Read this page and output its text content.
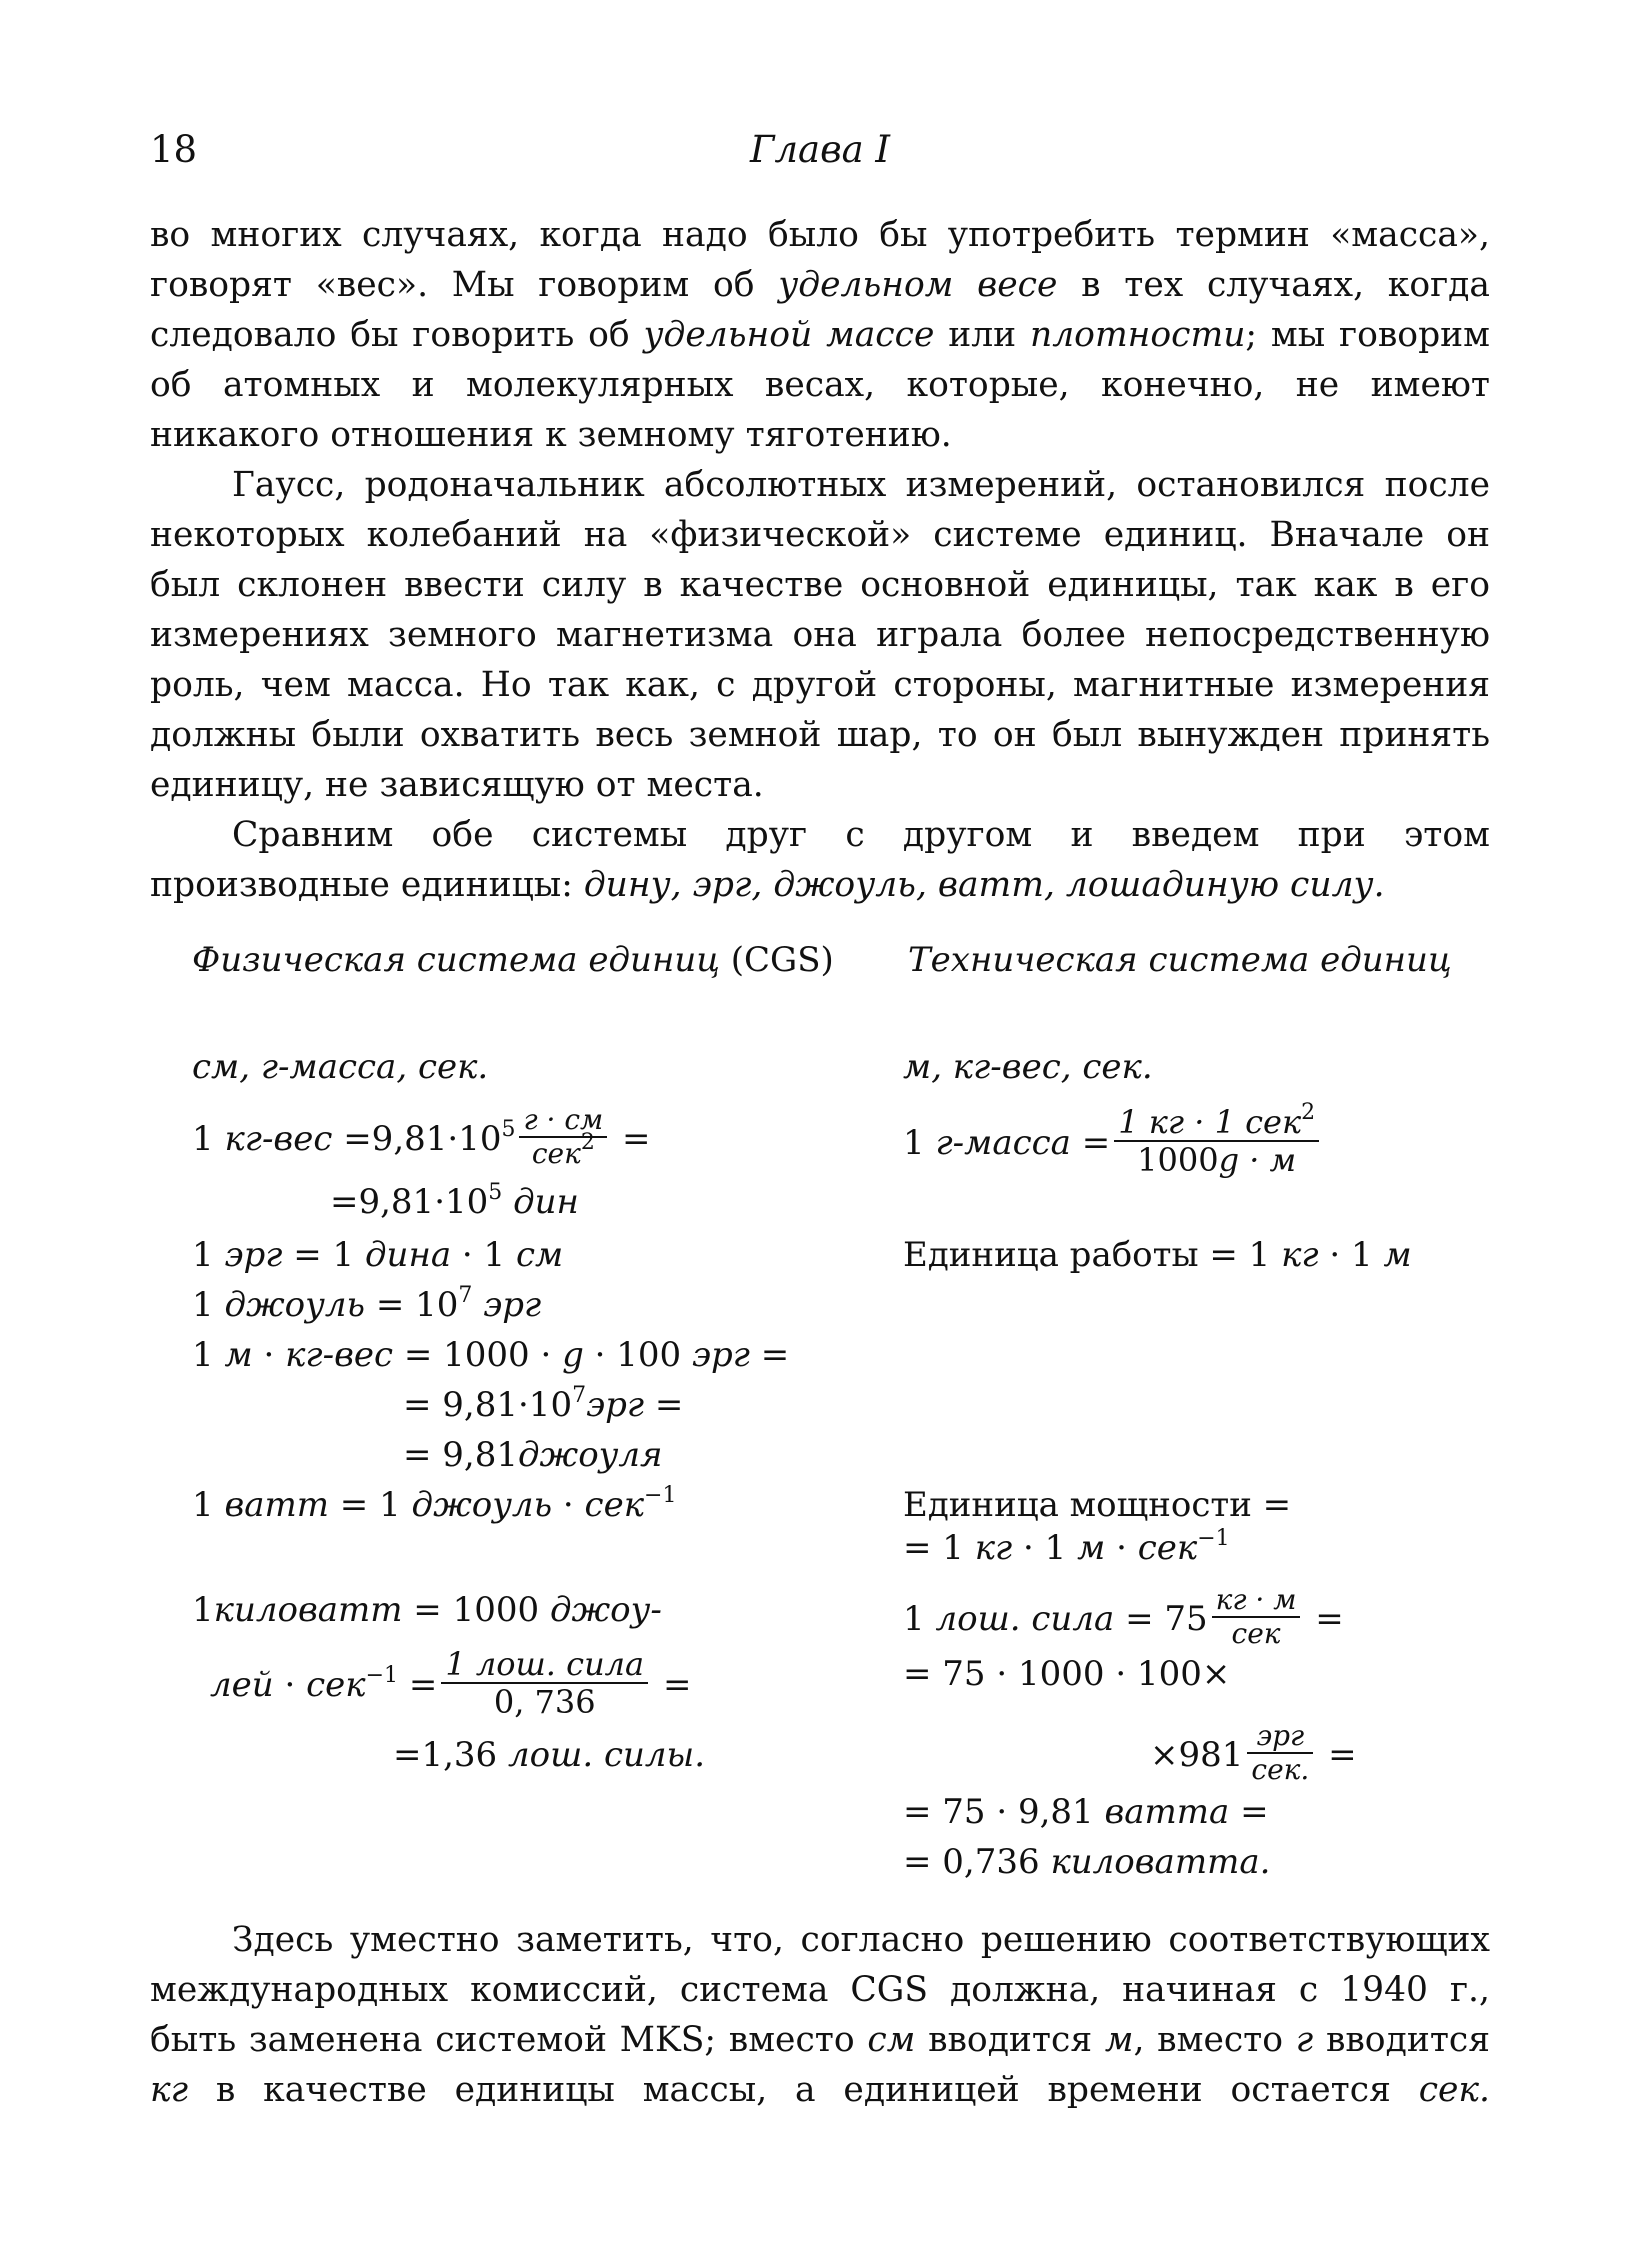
18	Глава I

во многих случаях, когда надо было бы употребить термин «масса», говорят «вес». Мы говорим об удельном весе в тех случаях, когда следовало бы говорить об удельной массе или плотности; мы говорим об атомных и молекулярных весах, которые, конечно, не имеют никакого отношения к земному тяготению.

Гаусс, родоначальник абсолютных измерений, остановился после некоторых колебаний на «физической» системе единиц. Вначале он был склонен ввести силу в качестве основной единицы, так как в его измерениях земного магнетизма она играла более непосредственную роль, чем масса. Но так как, с другой стороны, магнитные измерения должны были охватить весь земной шар, то он был вынужден принять единицу, не зависящую от места.

Сравним обе системы друг с другом и введем при этом производные единицы: дину, эрг, джоуль, ватт, лошадиную силу.

Физическая система единиц (CGS) Техническая система единиц
см, г-масса, сек.
1 $кг-вес =9,81\cdot 10^5 \frac{г \cdot см}{сек^2}$ =
$=9,81\cdot 10^5$ дин
1 эрг = 1 дина · 1 см
1 джоуль = $10^7$ эрг
1 м · кг-вес = 1000 · g · 100 эрг =
= $9,81\cdot 10^7эрг$ =
= 9,81джоуля
1 ватт = 1 джоуль · сек$^{-1}$
1киловатт = 1000 джоу-
лей · $сек^{-1} = \frac{\text{1 лош. сила}}{0, 736}$ =
=1,36 лош. силы.
м, кг-вес, сек.
1 г-масса = $\frac{1 кг \cdot 1 сек^2}{1000g \cdot м}$
Единица работы = 1 кг · 1 м
Единица мощности =
= 1 кг · 1 м · сек$^{-1}$
1 лош. сила = $75 \frac{кг \cdot м}{\text{сек}}$ =
= 75 · 1000 · 100×
$\times 981 \frac{\text{эрг}}{\text{сек.}}$ =
= 75 · 9,81 ватта =
= 0,736 киловатта.

Здесь уместно заметить, что, согласно решению соответствующих международных комиссий, система CGS должна, начиная с 1940 г., быть заменена системой MKS; вместо см вводится м, вместо г вводится кг в качестве единицы массы, а единицей времени остается сек.
